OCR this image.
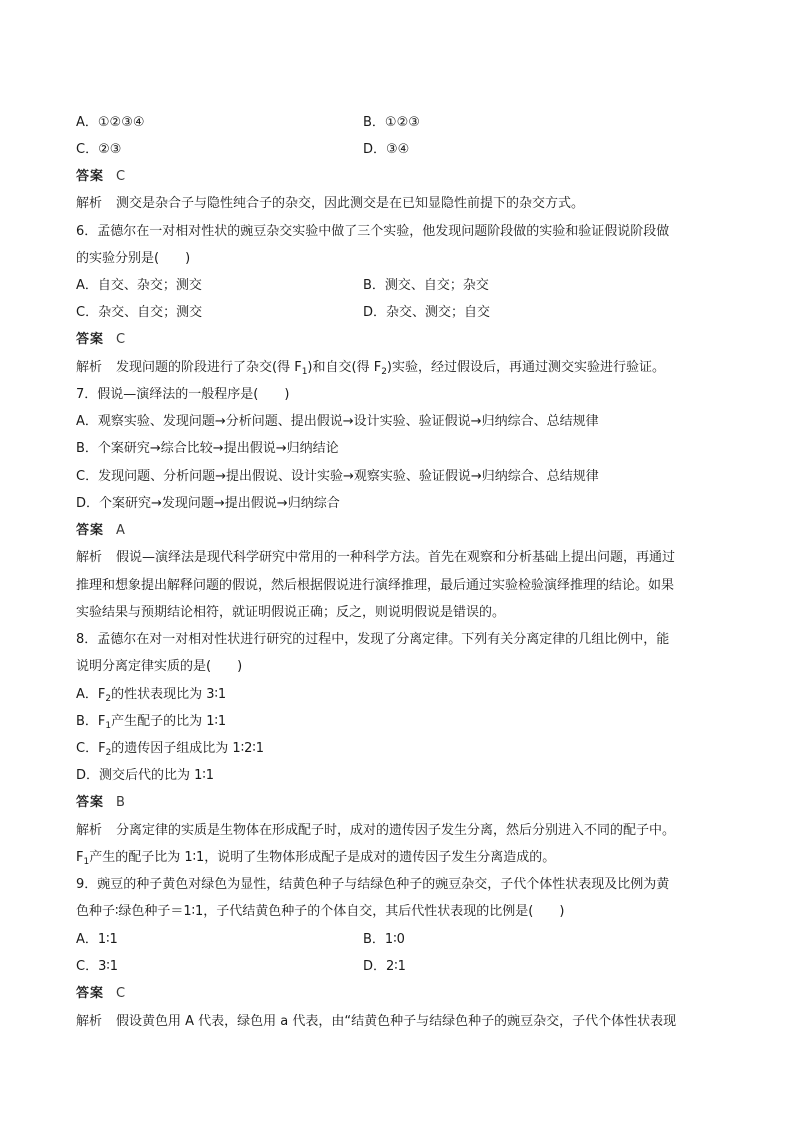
A．①②③④	B．①②③
C．②③	D．③④
答案 C
解析 测交是杂合子与隐性纯合子的杂交，因此测交是在已知显隐性前提下的杂交方式。
6．孟德尔在一对相对性状的豌豆杂交实验中做了三个实验，他发现问题阶段做的实验和验证假说阶段做
的实验分别是(　　)
A．自交、杂交；测交	B．测交、自交；杂交
C．杂交、自交；测交	D．杂交、测交；自交
答案 C
解析 发现问题的阶段进行了杂交(得 $F_1$)和自交(得 $F_2$)实验，经过假设后，再通过测交实验进行验证。
7．假说—演绎法的一般程序是(　　)
A．观察实验、发现问题→分析问题、提出假说→设计实验、验证假说→归纳综合、总结规律
B．个案研究→综合比较→提出假说→归纳结论
C．发现问题、分析问题→提出假说、设计实验→观察实验、验证假说→归纳综合、总结规律
D．个案研究→发现问题→提出假说→归纳综合
答案 A
解析 假说—演绎法是现代科学研究中常用的一种科学方法。首先在观察和分析基础上提出问题，再通过
推理和想象提出解释问题的假说，然后根据假说进行演绎推理，最后通过实验检验演绎推理的结论。如果
实验结果与预期结论相符，就证明假说正确；反之，则说明假说是错误的。
8．孟德尔在对一对相对性状进行研究的过程中，发现了分离定律。下列有关分离定律的几组比例中，能
说明分离定律实质的是(　　)
A．$F_2$的性状表现比为 3∶1
B．$F_1$产生配子的比为 1∶1
C．$F_2$的遗传因子组成比为 1∶2∶1
D．测交后代的比为 1∶1
答案 B
解析 分离定律的实质是生物体在形成配子时，成对的遗传因子发生分离，然后分别进入不同的配子中。
$F_1$产生的配子比为 1∶1，说明了生物体形成配子是成对的遗传因子发生分离造成的。
9．豌豆的种子黄色对绿色为显性，结黄色种子与结绿色种子的豌豆杂交，子代个体性状表现及比例为黄
色种子∶绿色种子＝1∶1，子代结黄色种子的个体自交，其后代性状表现的比例是(　　)
A．1∶1	B．1∶0
C．3∶1	D．2∶1
答案 C
解析 假设黄色用 A 代表，绿色用 a 代表，由“结黄色种子与结绿色种子的豌豆杂交，子代个体性状表现
